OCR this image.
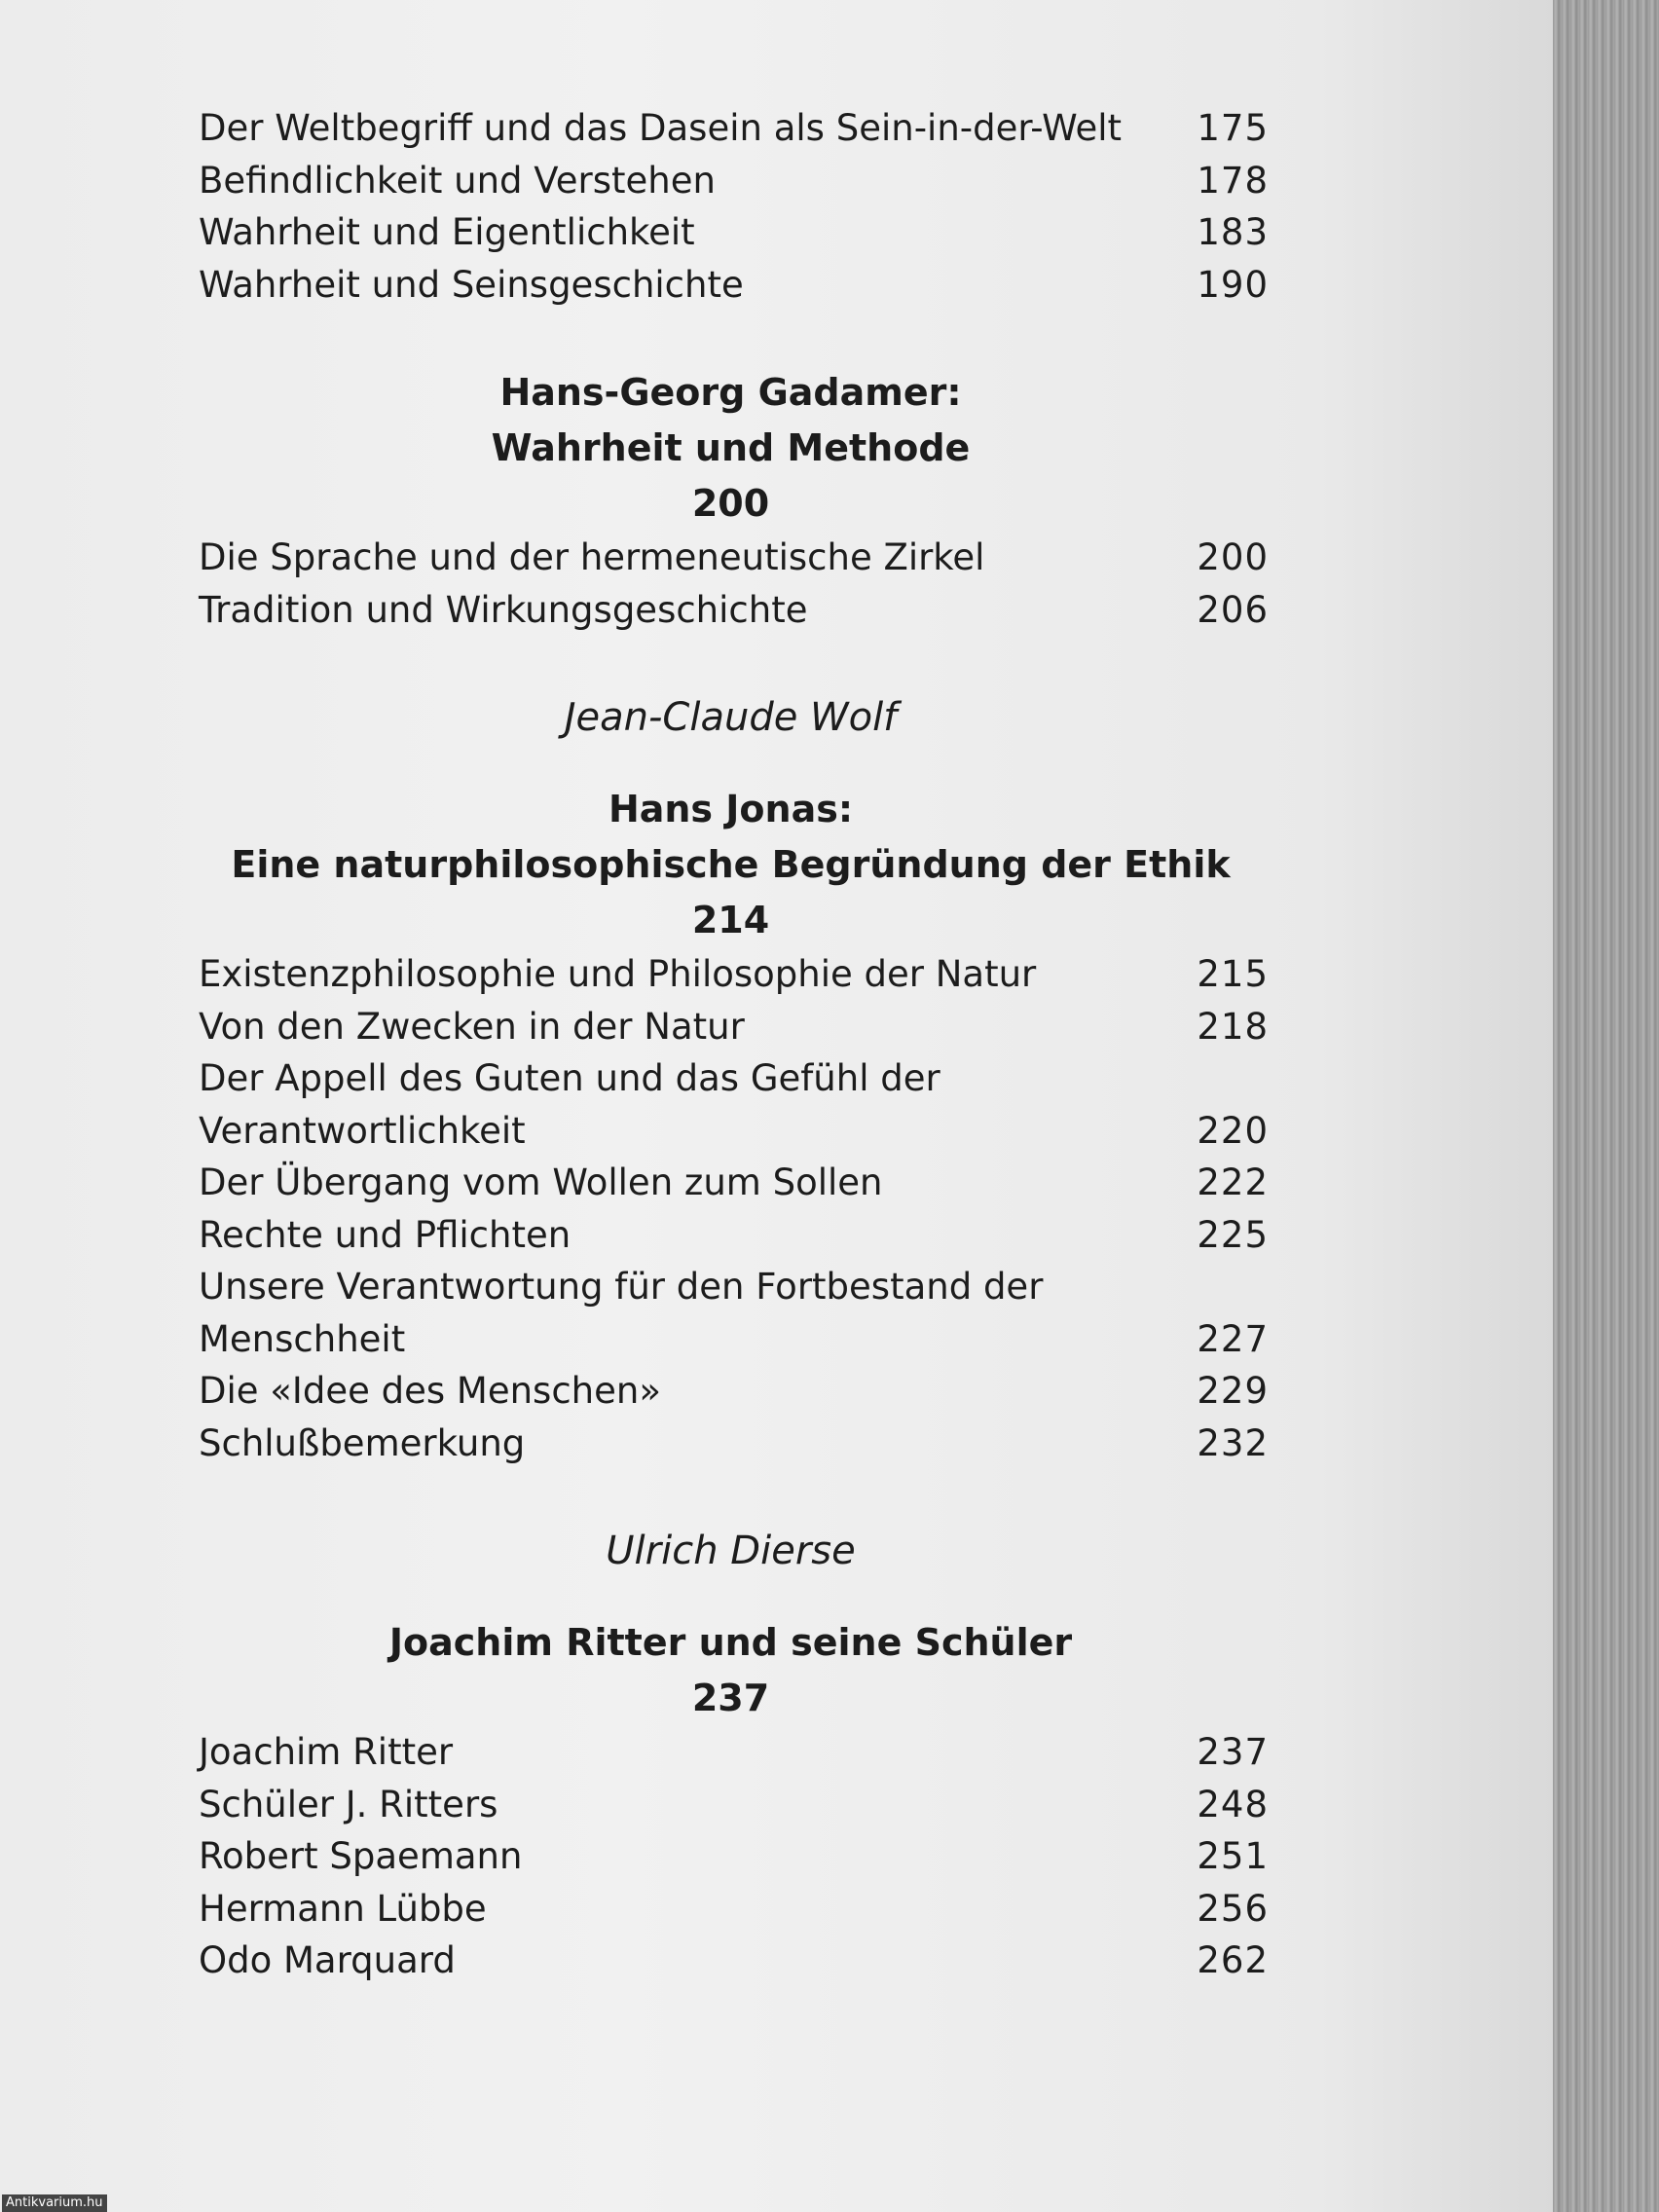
Der Weltbegriff und das Dasein als Sein-in-der-Welt 175
Befindlichkeit und Verstehen	178
Wahrheit und Eigentlichkeit	183
Wahrheit und Seinsgeschichte	190
Hans-Georg Gadamer:
Wahrheit und Methode
200
Die Sprache und der hermeneutische Zirkel	200
Tradition und Wirkungsgeschichte	206
Jean-Claude Wolf
Hans Jonas:
Eine naturphilosophische Begründung der Ethik
214
Existenzphilosophie und Philosophie der Natur	215
Von den Zwecken in der Natur	218
Der Appell des Guten und das Gefühl der
Verantwortlichkeit	220
Der Übergang vom Wollen zum Sollen	222
Rechte und Pflichten	225
Unsere Verantwortung für den Fortbestand der
Menschheit	227
Die «Idee des Menschen»	229
Schlußbemerkung	232
Ulrich Dierse
Joachim Ritter und seine Schüler
237
Joachim Ritter	237
Schüler J. Ritters	248
Robert Spaemann	251
Hermann Lübbe	256
Odo Marquard	262
Antikvarium.hu
